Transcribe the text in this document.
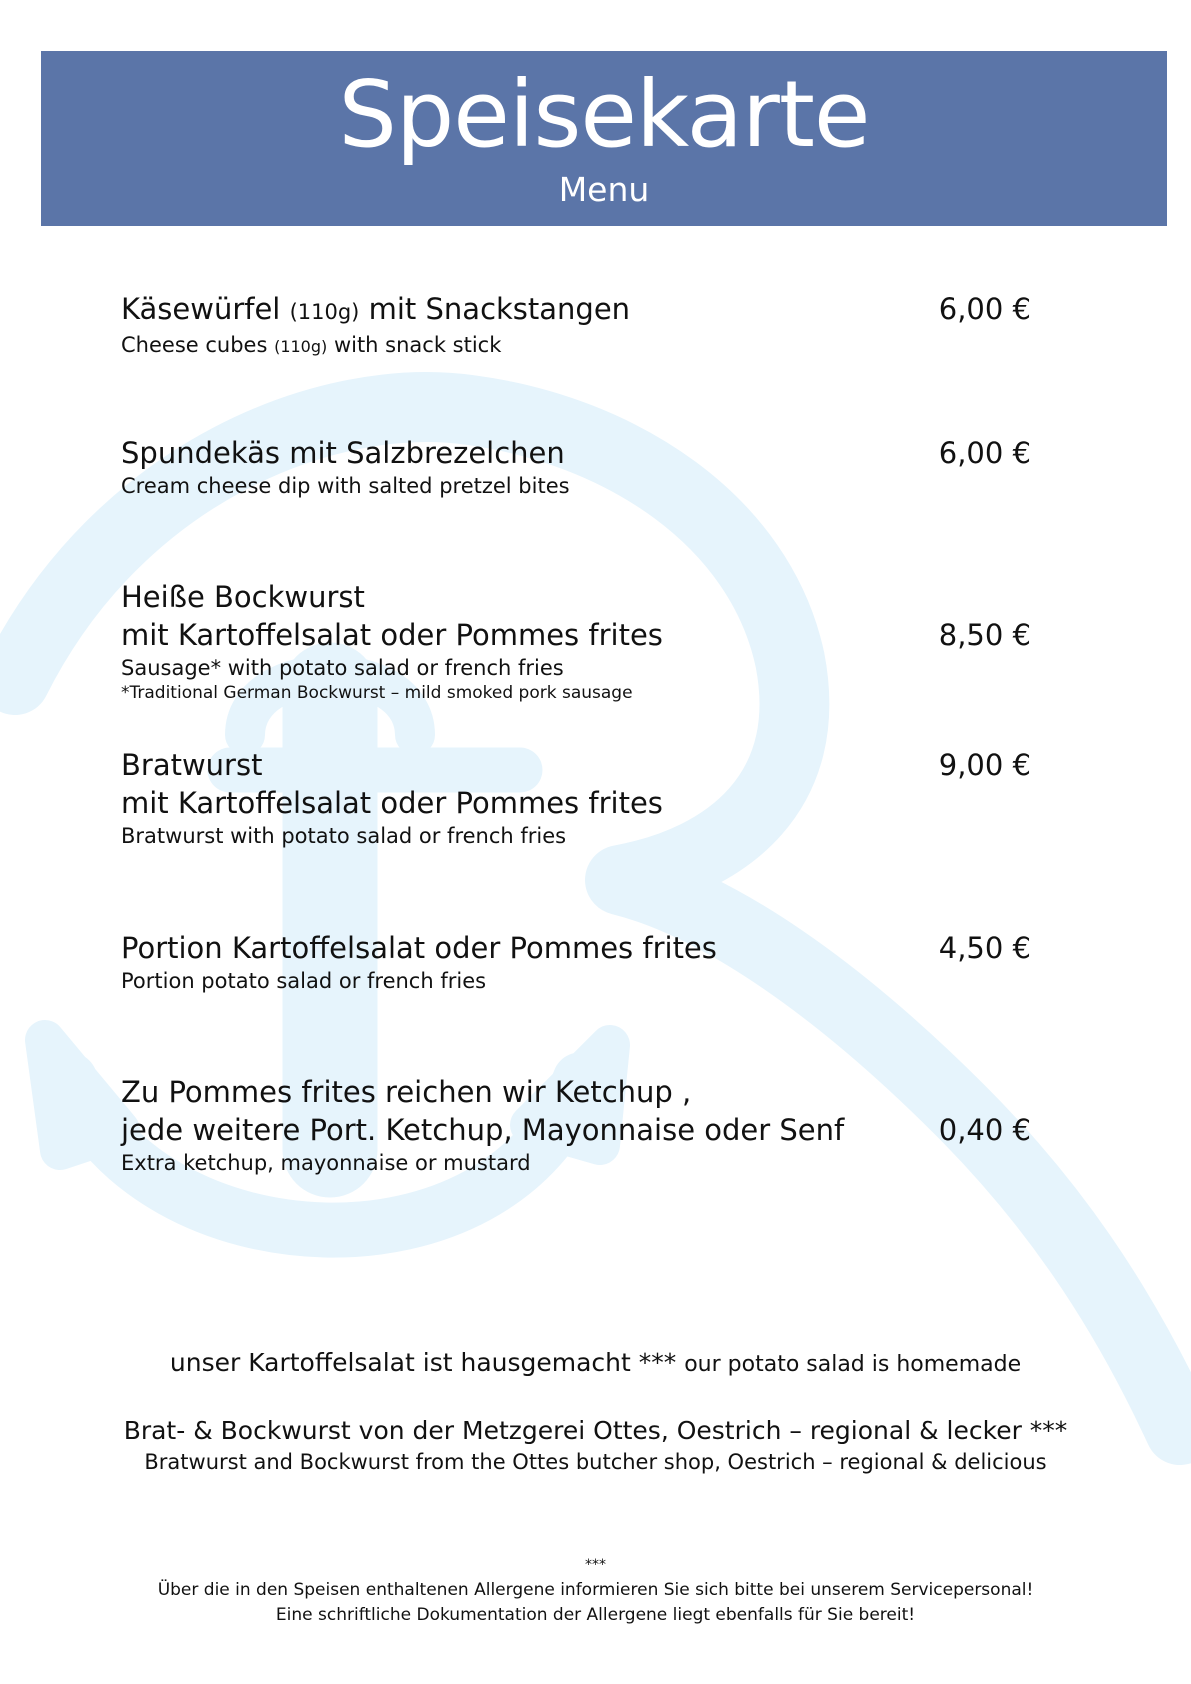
Speisekarte
Menu
Käsewürfel (110g) mit Snackstangen
Cheese cubes (110g) with snack stick
6,00 €
Spundekäs mit Salzbrezelchen
Cream cheese dip with salted pretzel bites
6,00 €
Heiße Bockwurst
mit Kartoffelsalat oder Pommes frites
Sausage* with potato salad or french fries
*Traditional German Bockwurst – mild smoked pork sausage
8,50 €
Bratwurst
mit Kartoffelsalat oder Pommes frites
Bratwurst with potato salad or french fries
9,00 €
Portion Kartoffelsalat oder Pommes frites
Portion potato salad or french fries
4,50 €
Zu Pommes frites reichen wir Ketchup ,
jede weitere Port. Ketchup, Mayonnaise oder Senf
Extra ketchup, mayonnaise or mustard
0,40 €
unser Kartoffelsalat ist hausgemacht *** our potato salad is homemade
Brat- & Bockwurst von der Metzgerei Ottes, Oestrich – regional & lecker ***
Bratwurst and Bockwurst from the Ottes butcher shop, Oestrich – regional & delicious
***
Über die in den Speisen enthaltenen Allergene informieren Sie sich bitte bei unserem Servicepersonal!
Eine schriftliche Dokumentation der Allergene liegt ebenfalls für Sie bereit!
